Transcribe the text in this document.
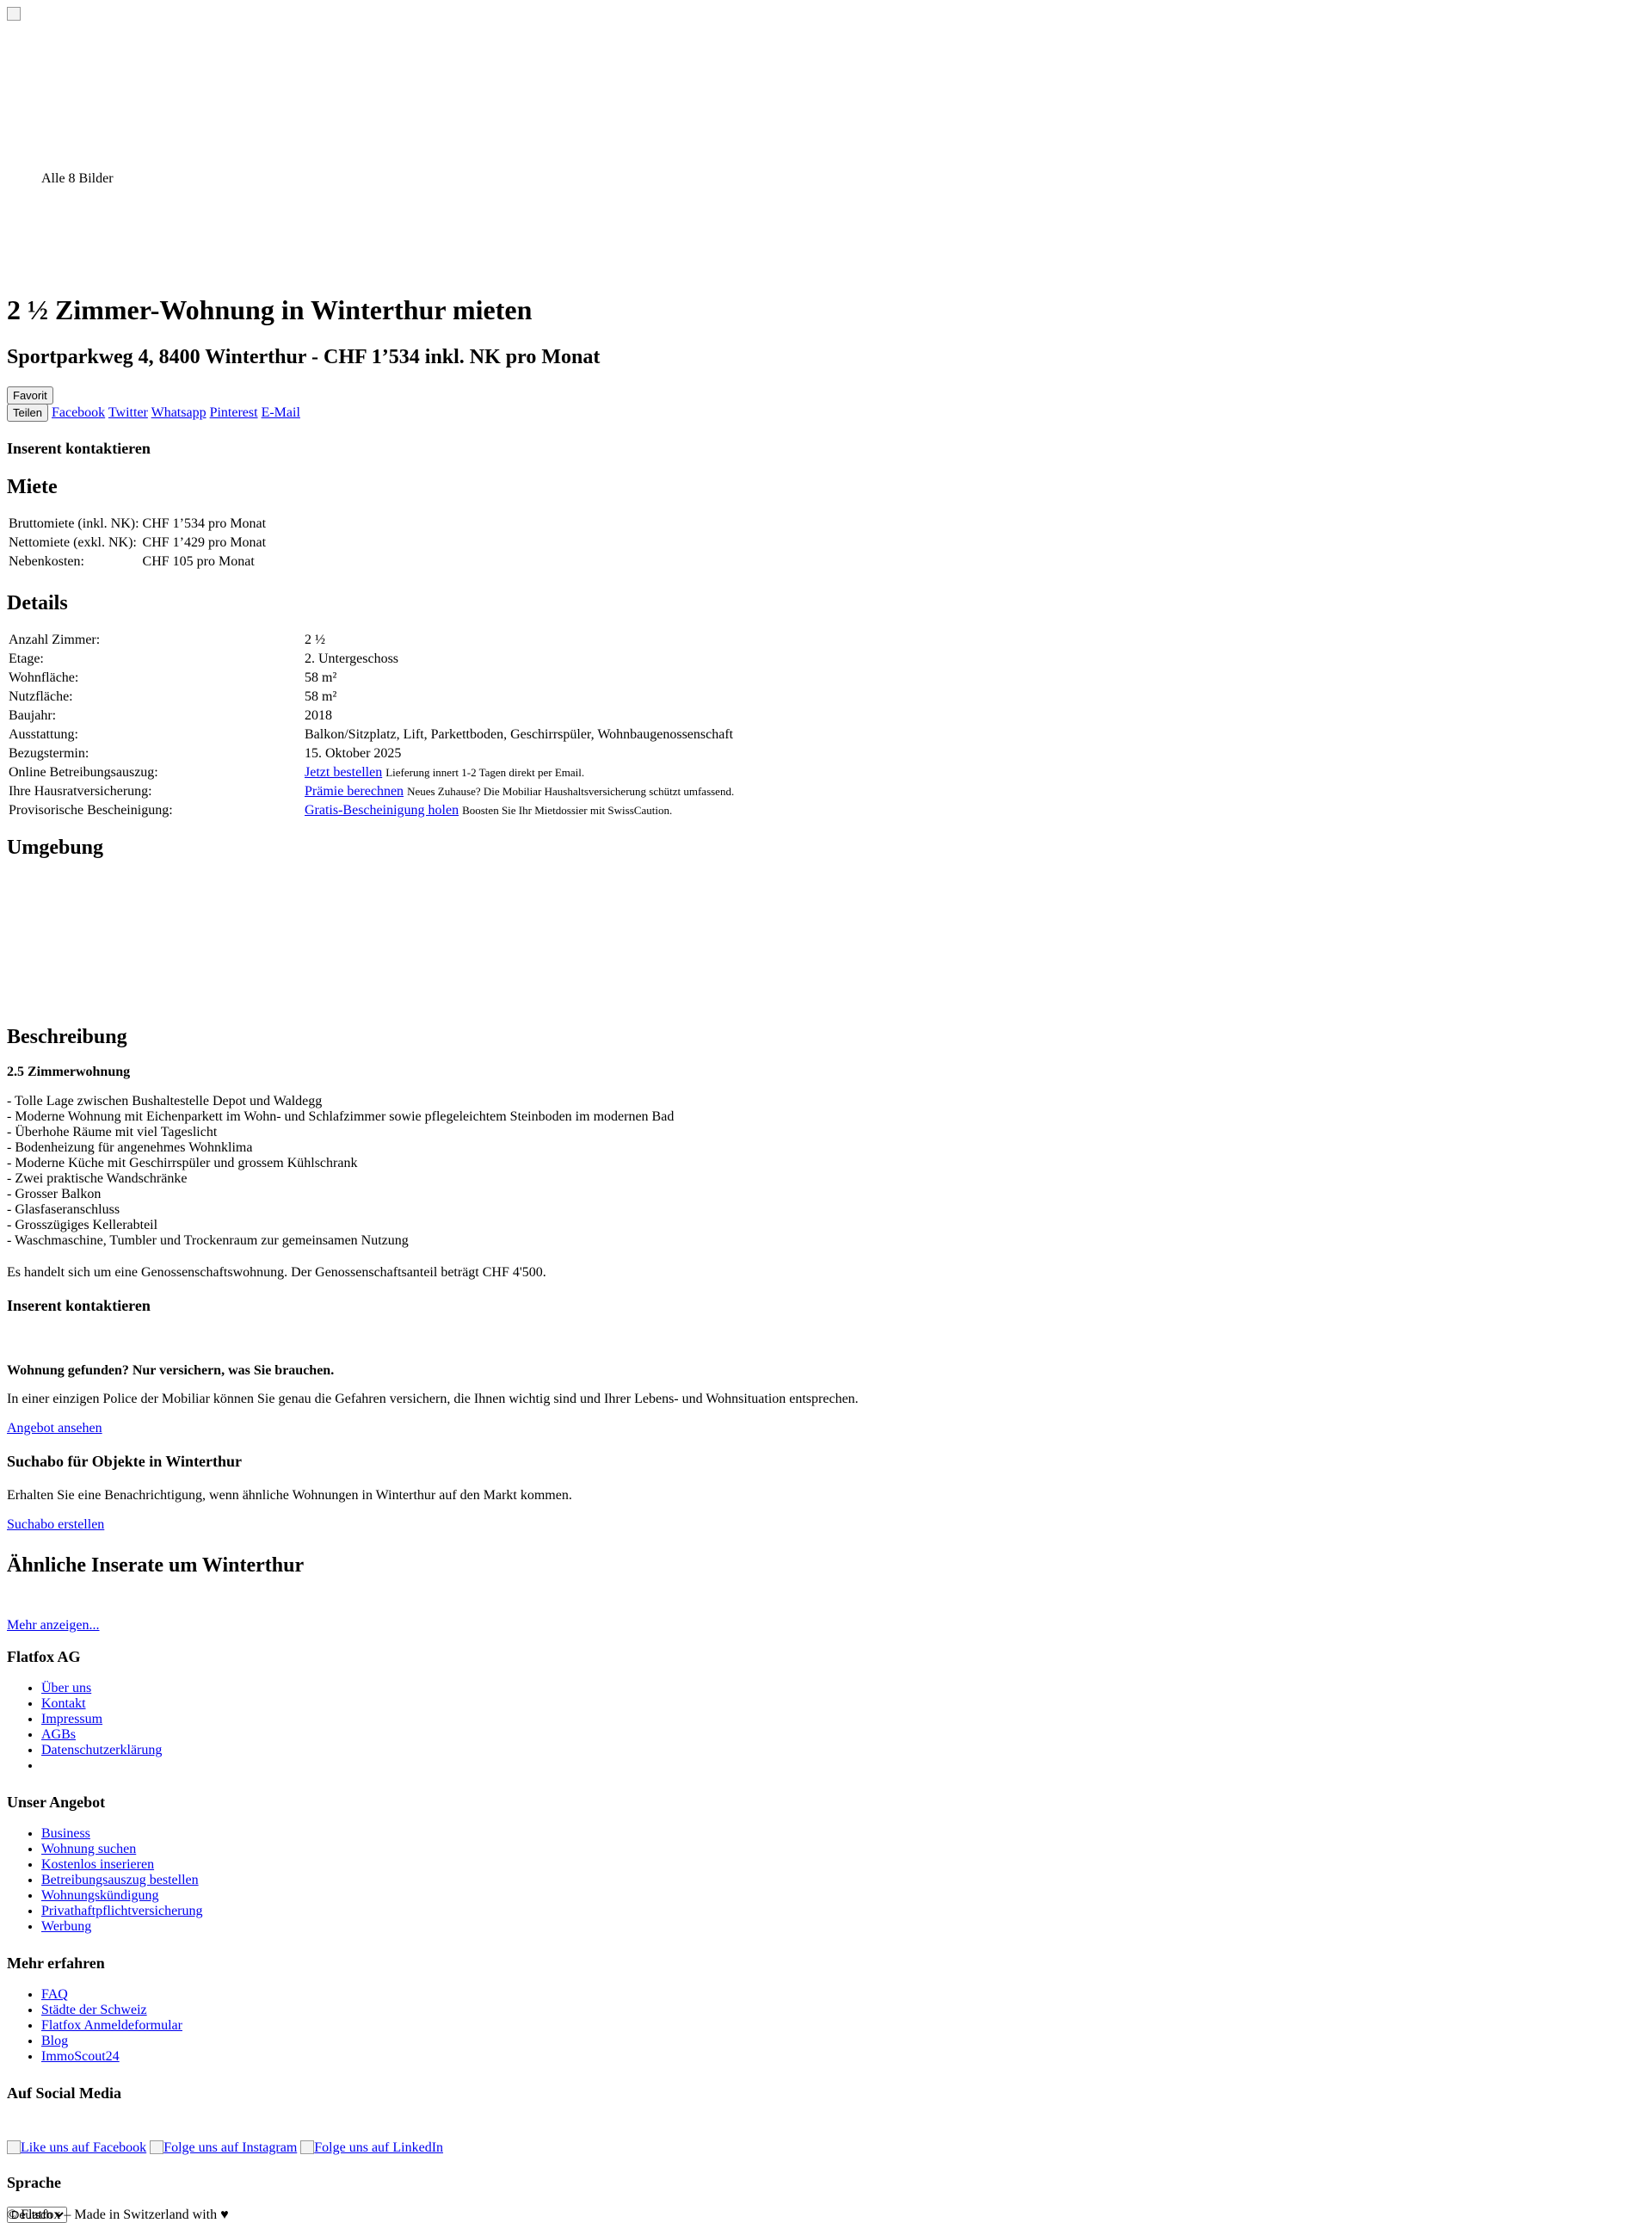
Alle 8 Bilder
2 ½ Zimmer-Wohnung in Winterthur mieten
Sportparkweg 4, 8400 Winterthur - CHF 1’534 inkl. NK pro Monat
Favorit
Teilen Facebook Twitter Whatsapp Pinterest E-Mail
Inserent kontaktieren
Miete
Bruttomiete (inkl. NK):	CHF 1’534 pro Monat
Nettomiete (exkl. NK):	CHF 1’429 pro Monat
Nebenkosten:	CHF 105 pro Monat
Details
Anzahl Zimmer:	2 ½
Etage:	2. Untergeschoss
Wohnfläche:	58 m²
Nutzfläche:	58 m²
Baujahr:	2018
Ausstattung:	Balkon/Sitzplatz, Lift, Parkettboden, Geschirrspüler, Wohnbaugenossenschaft
Bezugstermin:	15. Oktober 2025
Online Betreibungsauszug:	Jetzt bestellen Lieferung innert 1-2 Tagen direkt per Email.
Ihre Hausratversicherung:	Prämie berechnen Neues Zuhause? Die Mobiliar Haushaltsversicherung schützt umfassend.
Provisorische Bescheinigung:	Gratis-Bescheinigung holen Boosten Sie Ihr Mietdossier mit SwissCaution.
Umgebung
Beschreibung
2.5 Zimmerwohnung
- Tolle Lage zwischen Bushaltestelle Depot und Waldegg
- Moderne Wohnung mit Eichenparkett im Wohn- und Schlafzimmer sowie pflegeleichtem Steinboden im modernen Bad
- Überhohe Räume mit viel Tageslicht
- Bodenheizung für angenehmes Wohnklima
- Moderne Küche mit Geschirrspüler und grossem Kühlschrank
- Zwei praktische Wandschränke
- Grosser Balkon
- Glasfaseranschluss
- Grosszügiges Kellerabteil
- Waschmaschine, Tumbler und Trockenraum zur gemeinsamen Nutzung
Es handelt sich um eine Genossenschaftswohnung. Der Genossenschaftsanteil beträgt CHF 4'500.
Inserent kontaktieren
Wohnung gefunden? Nur versichern, was Sie brauchen.
In einer einzigen Police der Mobiliar können Sie genau die Gefahren versichern, die Ihnen wichtig sind und Ihrer Lebens- und Wohnsituation entsprechen.
Angebot ansehen
Suchabo für Objekte in Winterthur
Erhalten Sie eine Benachrichtigung, wenn ähnliche Wohnungen in Winterthur auf den Markt kommen.
Suchabo erstellen
Ähnliche Inserate um Winterthur
Mehr anzeigen...
Flatfox AG
• Über uns
• Kontakt
• Impressum
• AGBs
• Datenschutzerklärung
•
Unser Angebot
• Business
• Wohnung suchen
• Kostenlos inserieren
• Betreibungsauszug bestellen
• Wohnungskündigung
• Privathaftpflichtversicherung
• Werbung
Mehr erfahren
• FAQ
• Städte der Schweiz
• Flatfox Anmeldeformular
• Blog
• ImmoScout24
Auf Social Media
Like uns auf Facebook Folge uns auf Instagram Folge uns auf LinkedIn
Sprache
Deutsch
© Flatfox – Made in Switzerland with ♥
